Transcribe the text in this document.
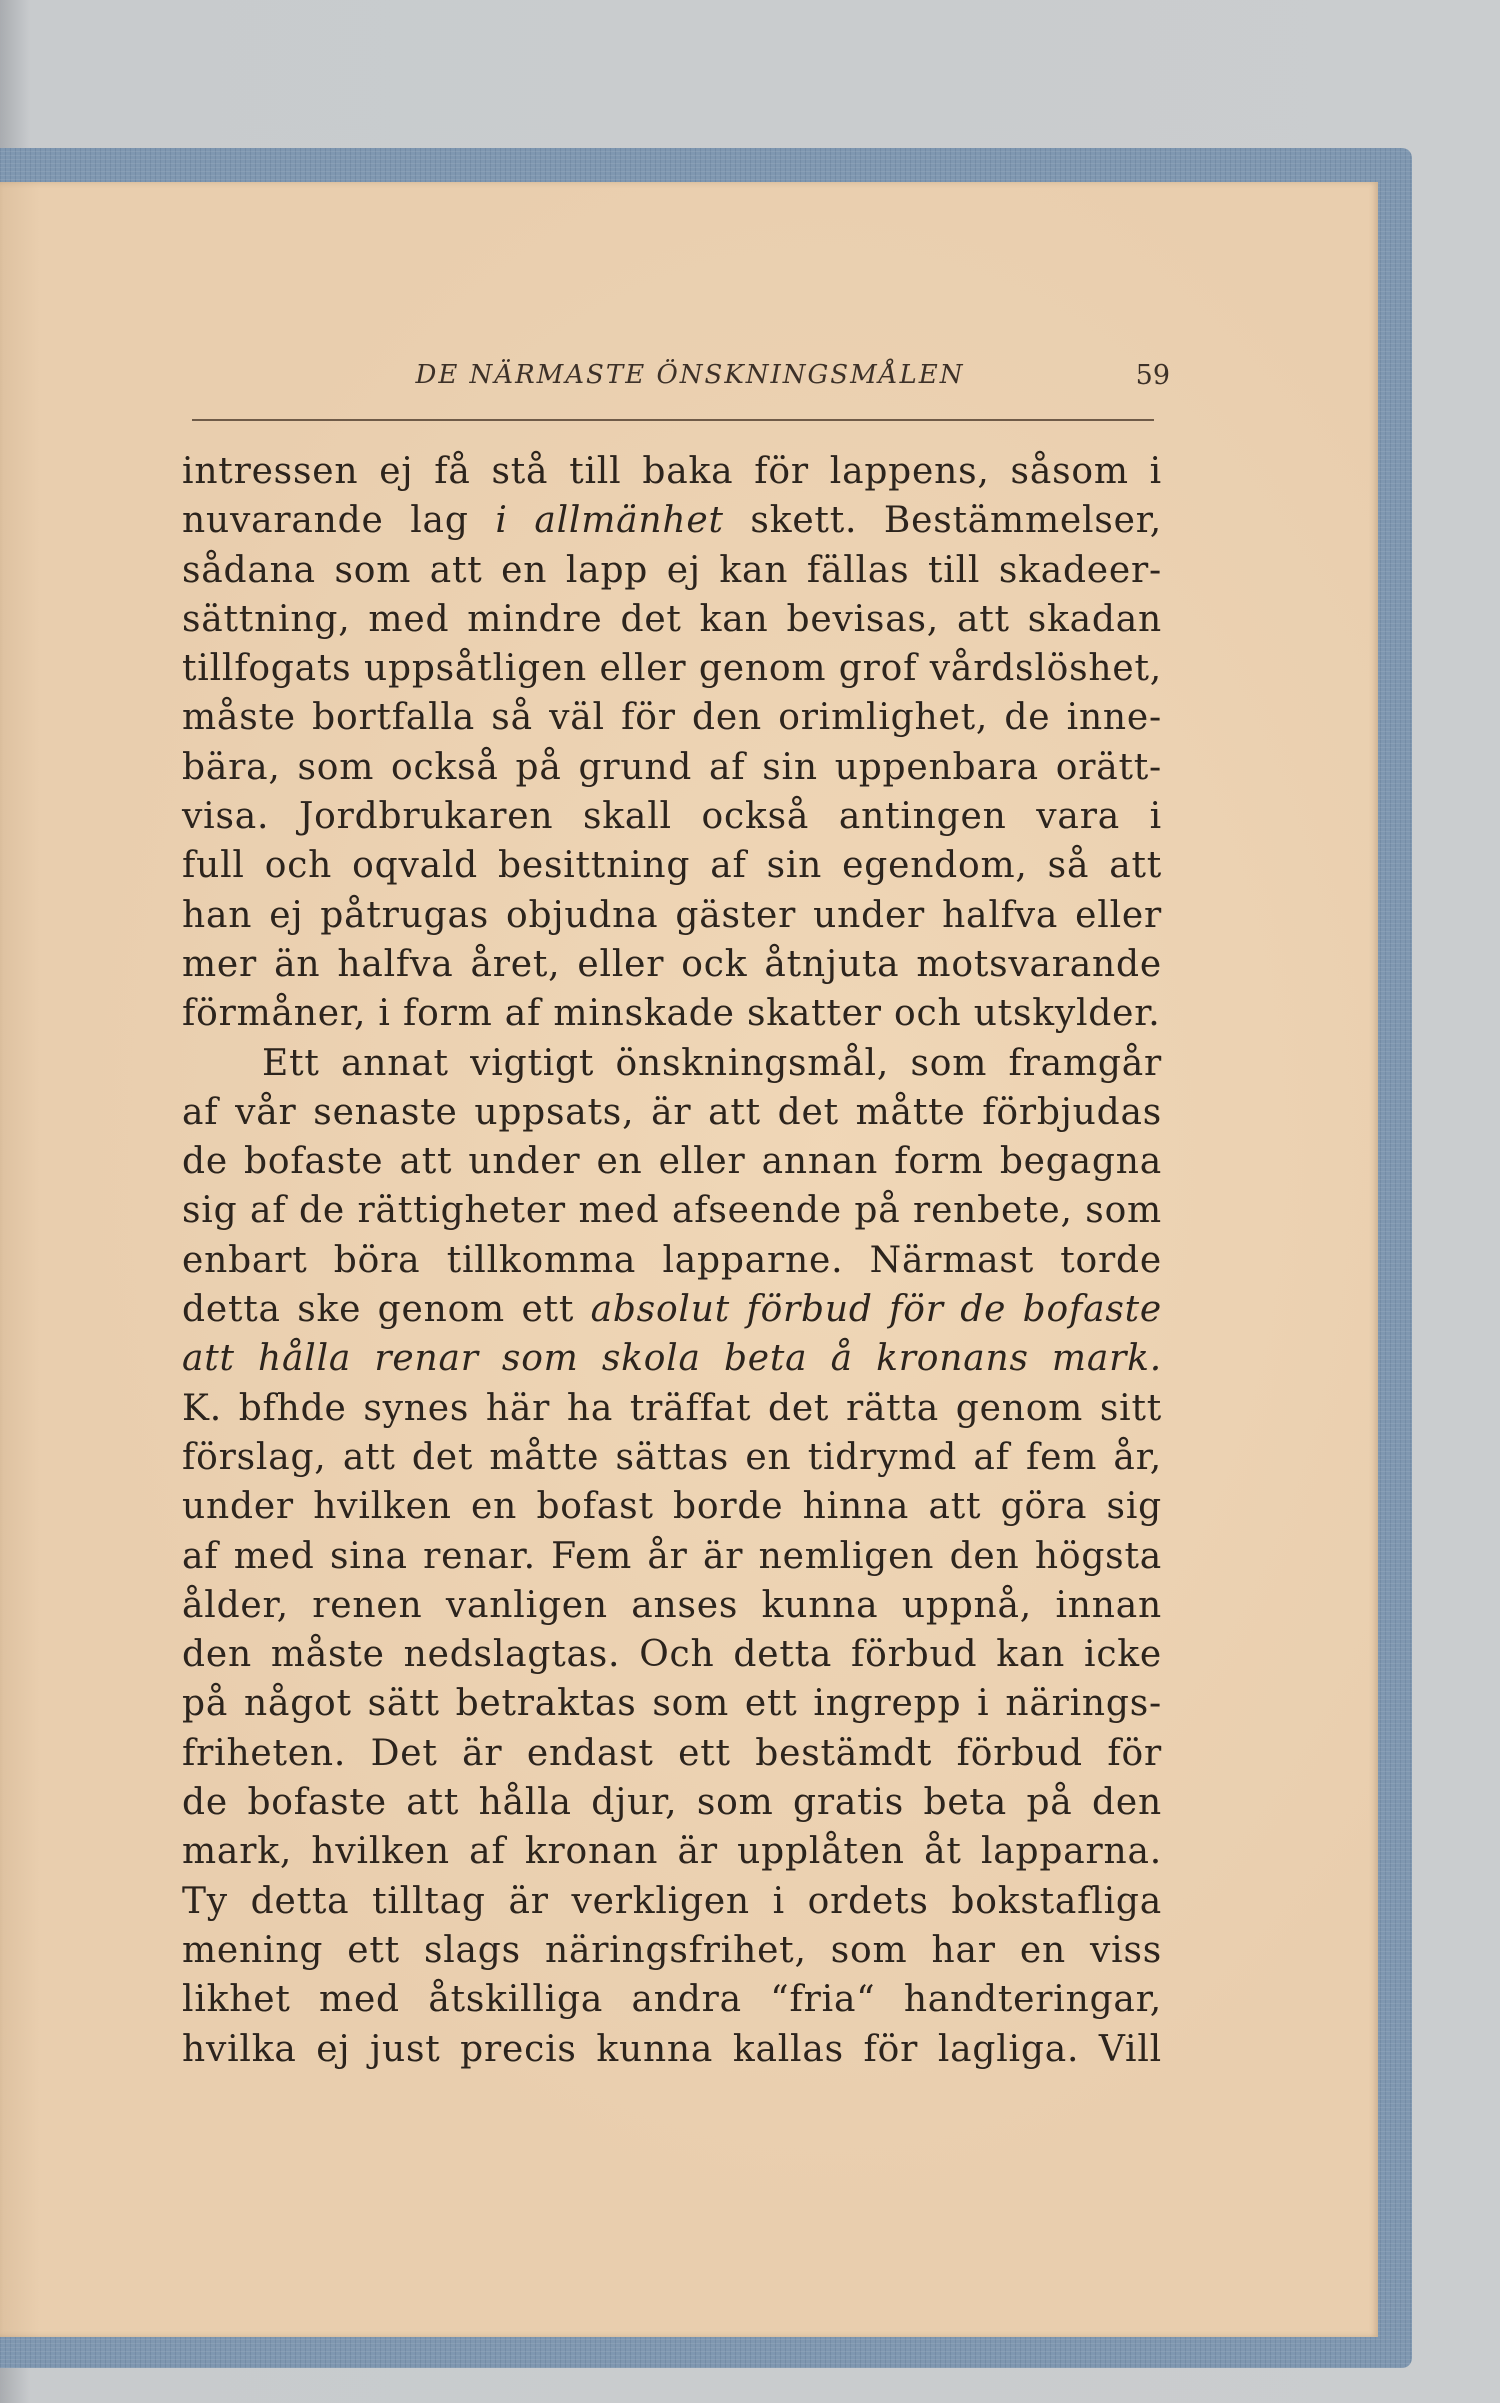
DE NÄRMASTE ÖNSKNINGSMÅLEN	59
intressen ej få stå till baka för lappens, såsom i
nuvarande lag i allmänhet skett. Bestämmelser,
sådana som att en lapp ej kan fällas till skadeer-
sättning, med mindre det kan bevisas, att skadan
tillfogats uppsåtligen eller genom grof vårdslöshet,
måste bortfalla så väl för den orimlighet, de inne-
bära, som också på grund af sin uppenbara orätt-
visa. Jordbrukaren skall också antingen vara i
full och oqvald besittning af sin egendom, så att
han ej påtrugas objudna gäster under halfva eller
mer än halfva året, eller ock åtnjuta motsvarande
förmåner, i form af minskade skatter och utskylder.
Ett annat vigtigt önskningsmål, som framgår
af vår senaste uppsats, är att det måtte förbjudas
de bofaste att under en eller annan form begagna
sig af de rättigheter med afseende på renbete, som
enbart böra tillkomma lapparne. Närmast torde
detta ske genom ett absolut förbud för de bofaste
att hålla renar som skola beta å kronans mark.
K. bfhde synes här ha träffat det rätta genom sitt
förslag, att det måtte sättas en tidrymd af fem år,
under hvilken en bofast borde hinna att göra sig
af med sina renar. Fem år är nemligen den högsta
ålder, renen vanligen anses kunna uppnå, innan
den måste nedslagtas. Och detta förbud kan icke
på något sätt betraktas som ett ingrepp i närings-
friheten. Det är endast ett bestämdt förbud för
de bofaste att hålla djur, som gratis beta på den
mark, hvilken af kronan är upplåten åt lapparna.
Ty detta tilltag är verkligen i ordets bokstafliga
mening ett slags näringsfrihet, som har en viss
likhet med åtskilliga andra “fria“ handteringar,
hvilka ej just precis kunna kallas för lagliga. Vill
